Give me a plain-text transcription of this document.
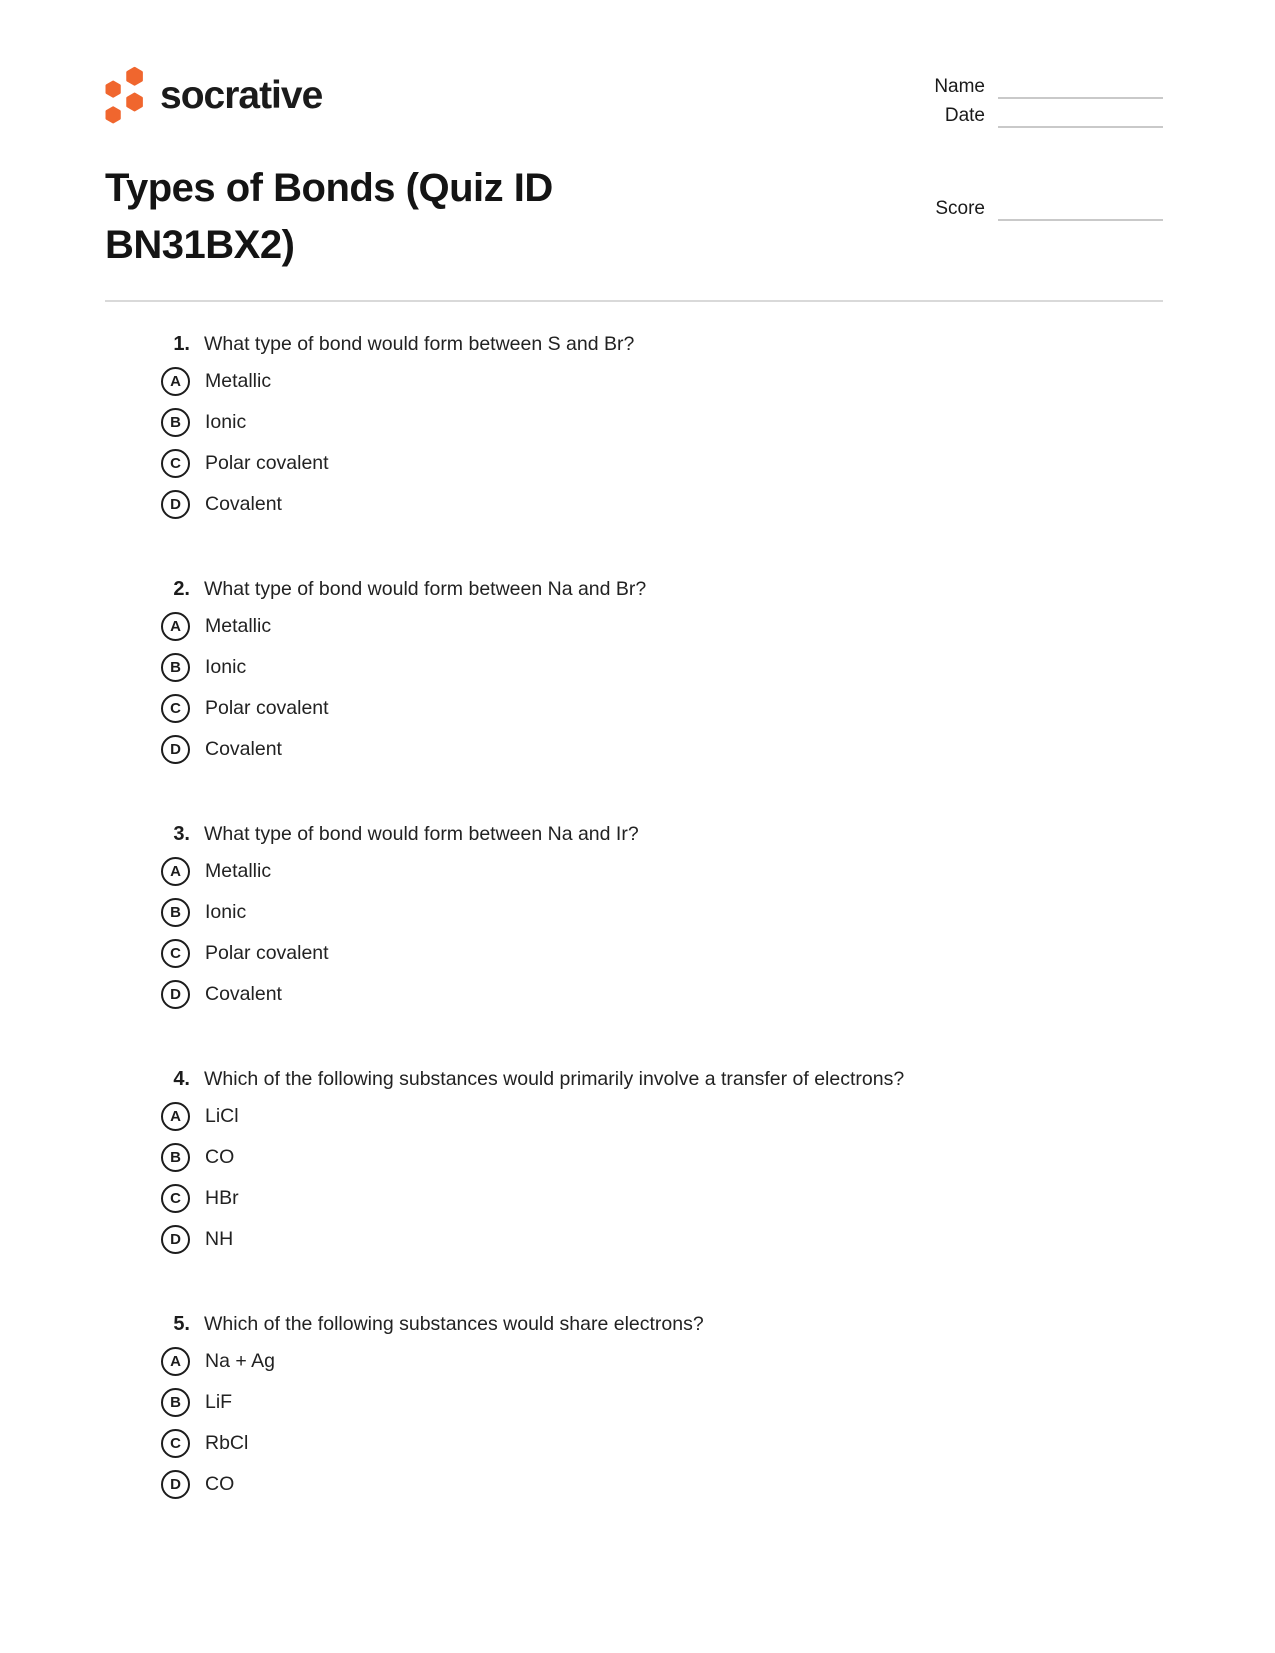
socrative	Name
Date
Score
Types of Bonds (Quiz ID BN31BX2)
1. What type of bond would form between S and Br?
A Metallic
B Ionic
C Polar covalent
D Covalent
2. What type of bond would form between Na and Br?
A Metallic
B Ionic
C Polar covalent
D Covalent
3. What type of bond would form between Na and Ir?
A Metallic
B Ionic
C Polar covalent
D Covalent
4. Which of the following substances would primarily involve a transfer of electrons?
A LiCl
B CO
C HBr
D NH
5. Which of the following substances would share electrons?
A Na + Ag
B LiF
C RbCl
D CO
